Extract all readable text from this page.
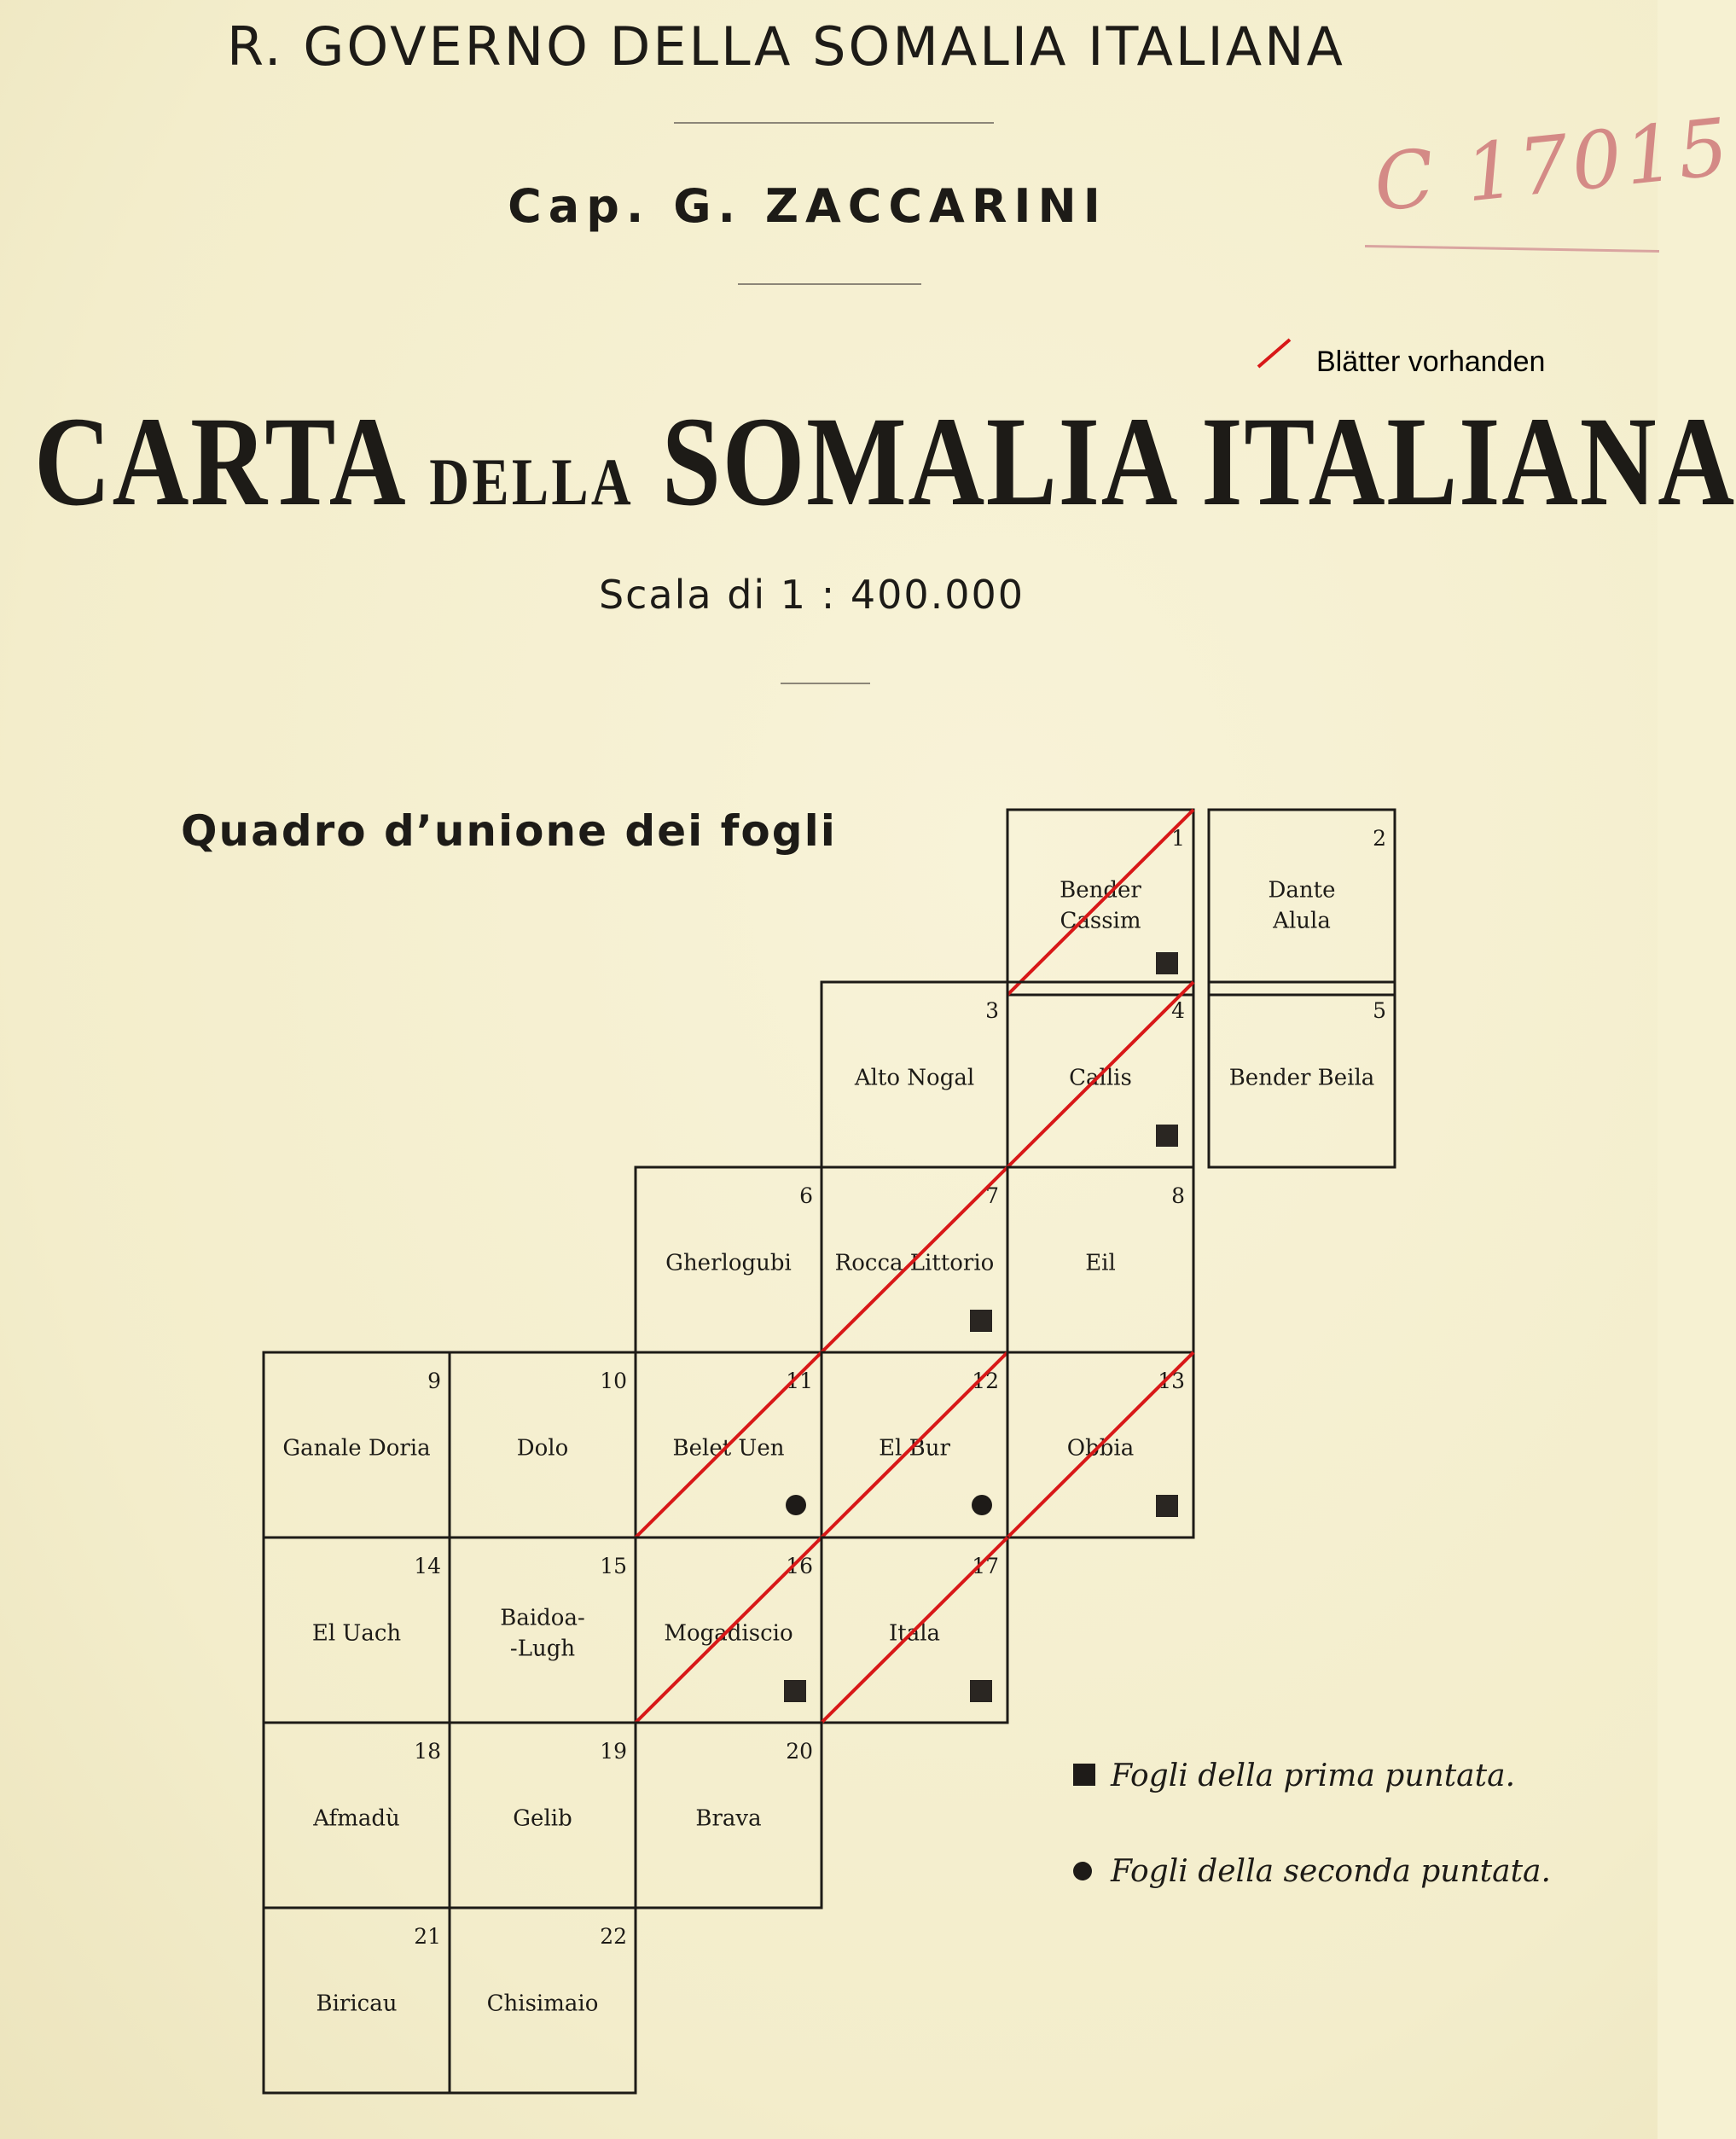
R. GOVERNO DELLA SOMALIA ITALIANA
Cap. G. ZACCARINI	C 17015
Blätter vorhanden
CARTA DELLA SOMALIA ITALIANA
Scala di 1 : 400.000
Quadro d’unione dei fogli	1
Bender
Cassim
2
Dante
Alula
3
Alto Nogal
4
Callis
5
Bender Beila
6
Gherlogubi
7
Rocca Littorio
8
Eil
9
Ganale Doria
10
Dolo
11
Belet Uen
12
El Bur
13
Obbia
14
El Uach
15
Baidoa-
-Lugh
16
Mogadiscio
17
Itala
18
Afmadù
19
Gelib
20
Brava
21
Biricau
22
Chisimaio
Fogli della prima puntata.
Fogli della seconda puntata.
